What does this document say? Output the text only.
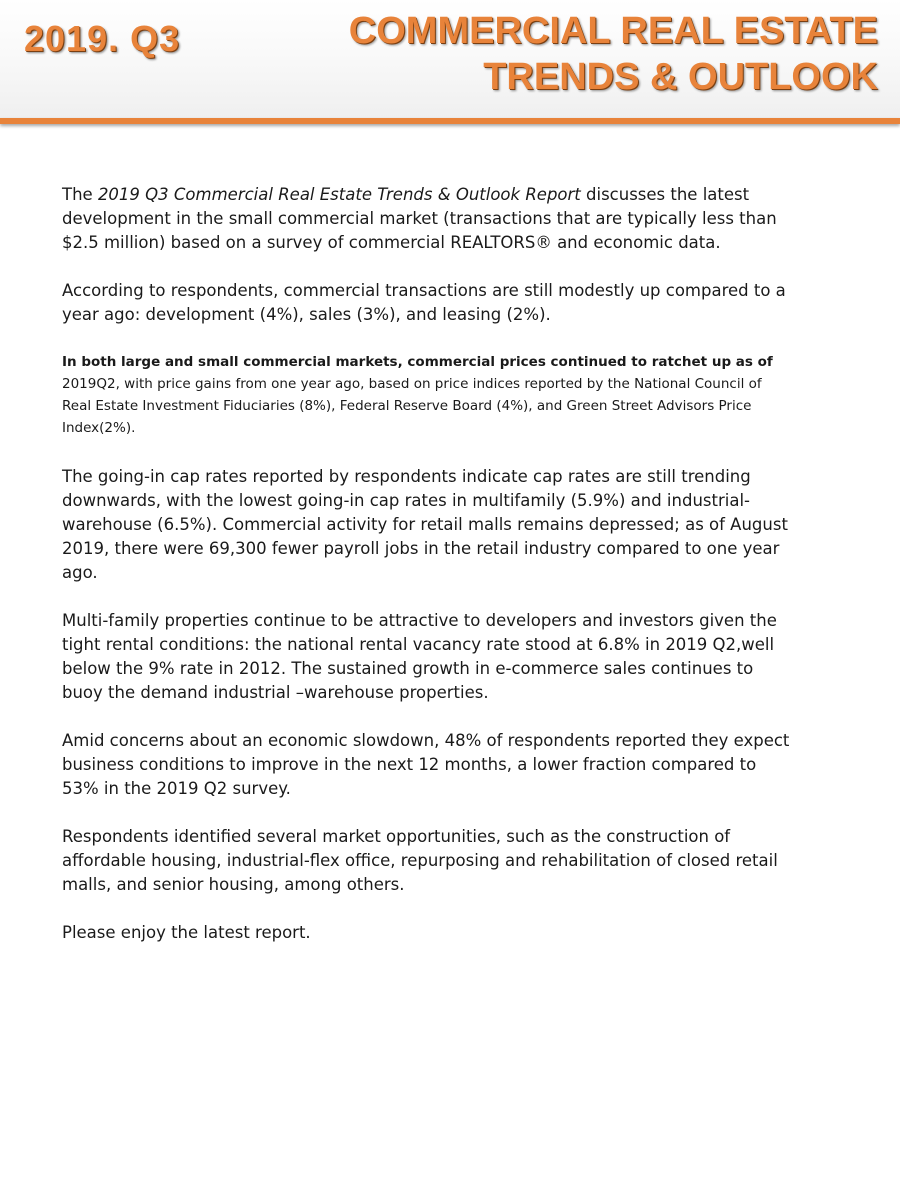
2019. Q3	COMMERCIAL REAL ESTATE
TRENDS & OUTLOOK

The 2019 Q3 Commercial Real Estate Trends & Outlook Report discusses the latest development in the small commercial market (transactions that are typically less than $2.5 million) based on a survey of commercial REALTORS® and economic data.

According to respondents, commercial transactions are still modestly up compared to a year ago: development (4%), sales (3%), and leasing (2%).

In both large and small commercial markets, commercial prices continued to ratchet up as of 2019Q2, with price gains from one year ago, based on price indices reported by the National Council of Real Estate Investment Fiduciaries (8%), Federal Reserve Board (4%), and Green Street Advisors Price Index(2%).

The going-in cap rates reported by respondents indicate cap rates are still trending downwards, with the lowest going-in cap rates in multifamily (5.9%) and industrial-warehouse (6.5%). Commercial activity for retail malls remains depressed; as of August 2019, there were 69,300 fewer payroll jobs in the retail industry compared to one year ago.

Multi-family properties continue to be attractive to developers and investors given the tight rental conditions: the national rental vacancy rate stood at 6.8% in 2019 Q2,well below the 9% rate in 2012. The sustained growth in e-commerce sales continues to buoy the demand industrial –warehouse properties.

Amid concerns about an economic slowdown, 48% of respondents reported they expect business conditions to improve in the next 12 months, a lower fraction compared to 53% in the 2019 Q2 survey.

Respondents identified several market opportunities, such as the construction of affordable housing, industrial-flex office, repurposing and rehabilitation of closed retail malls, and senior housing, among others.

Please enjoy the latest report.
